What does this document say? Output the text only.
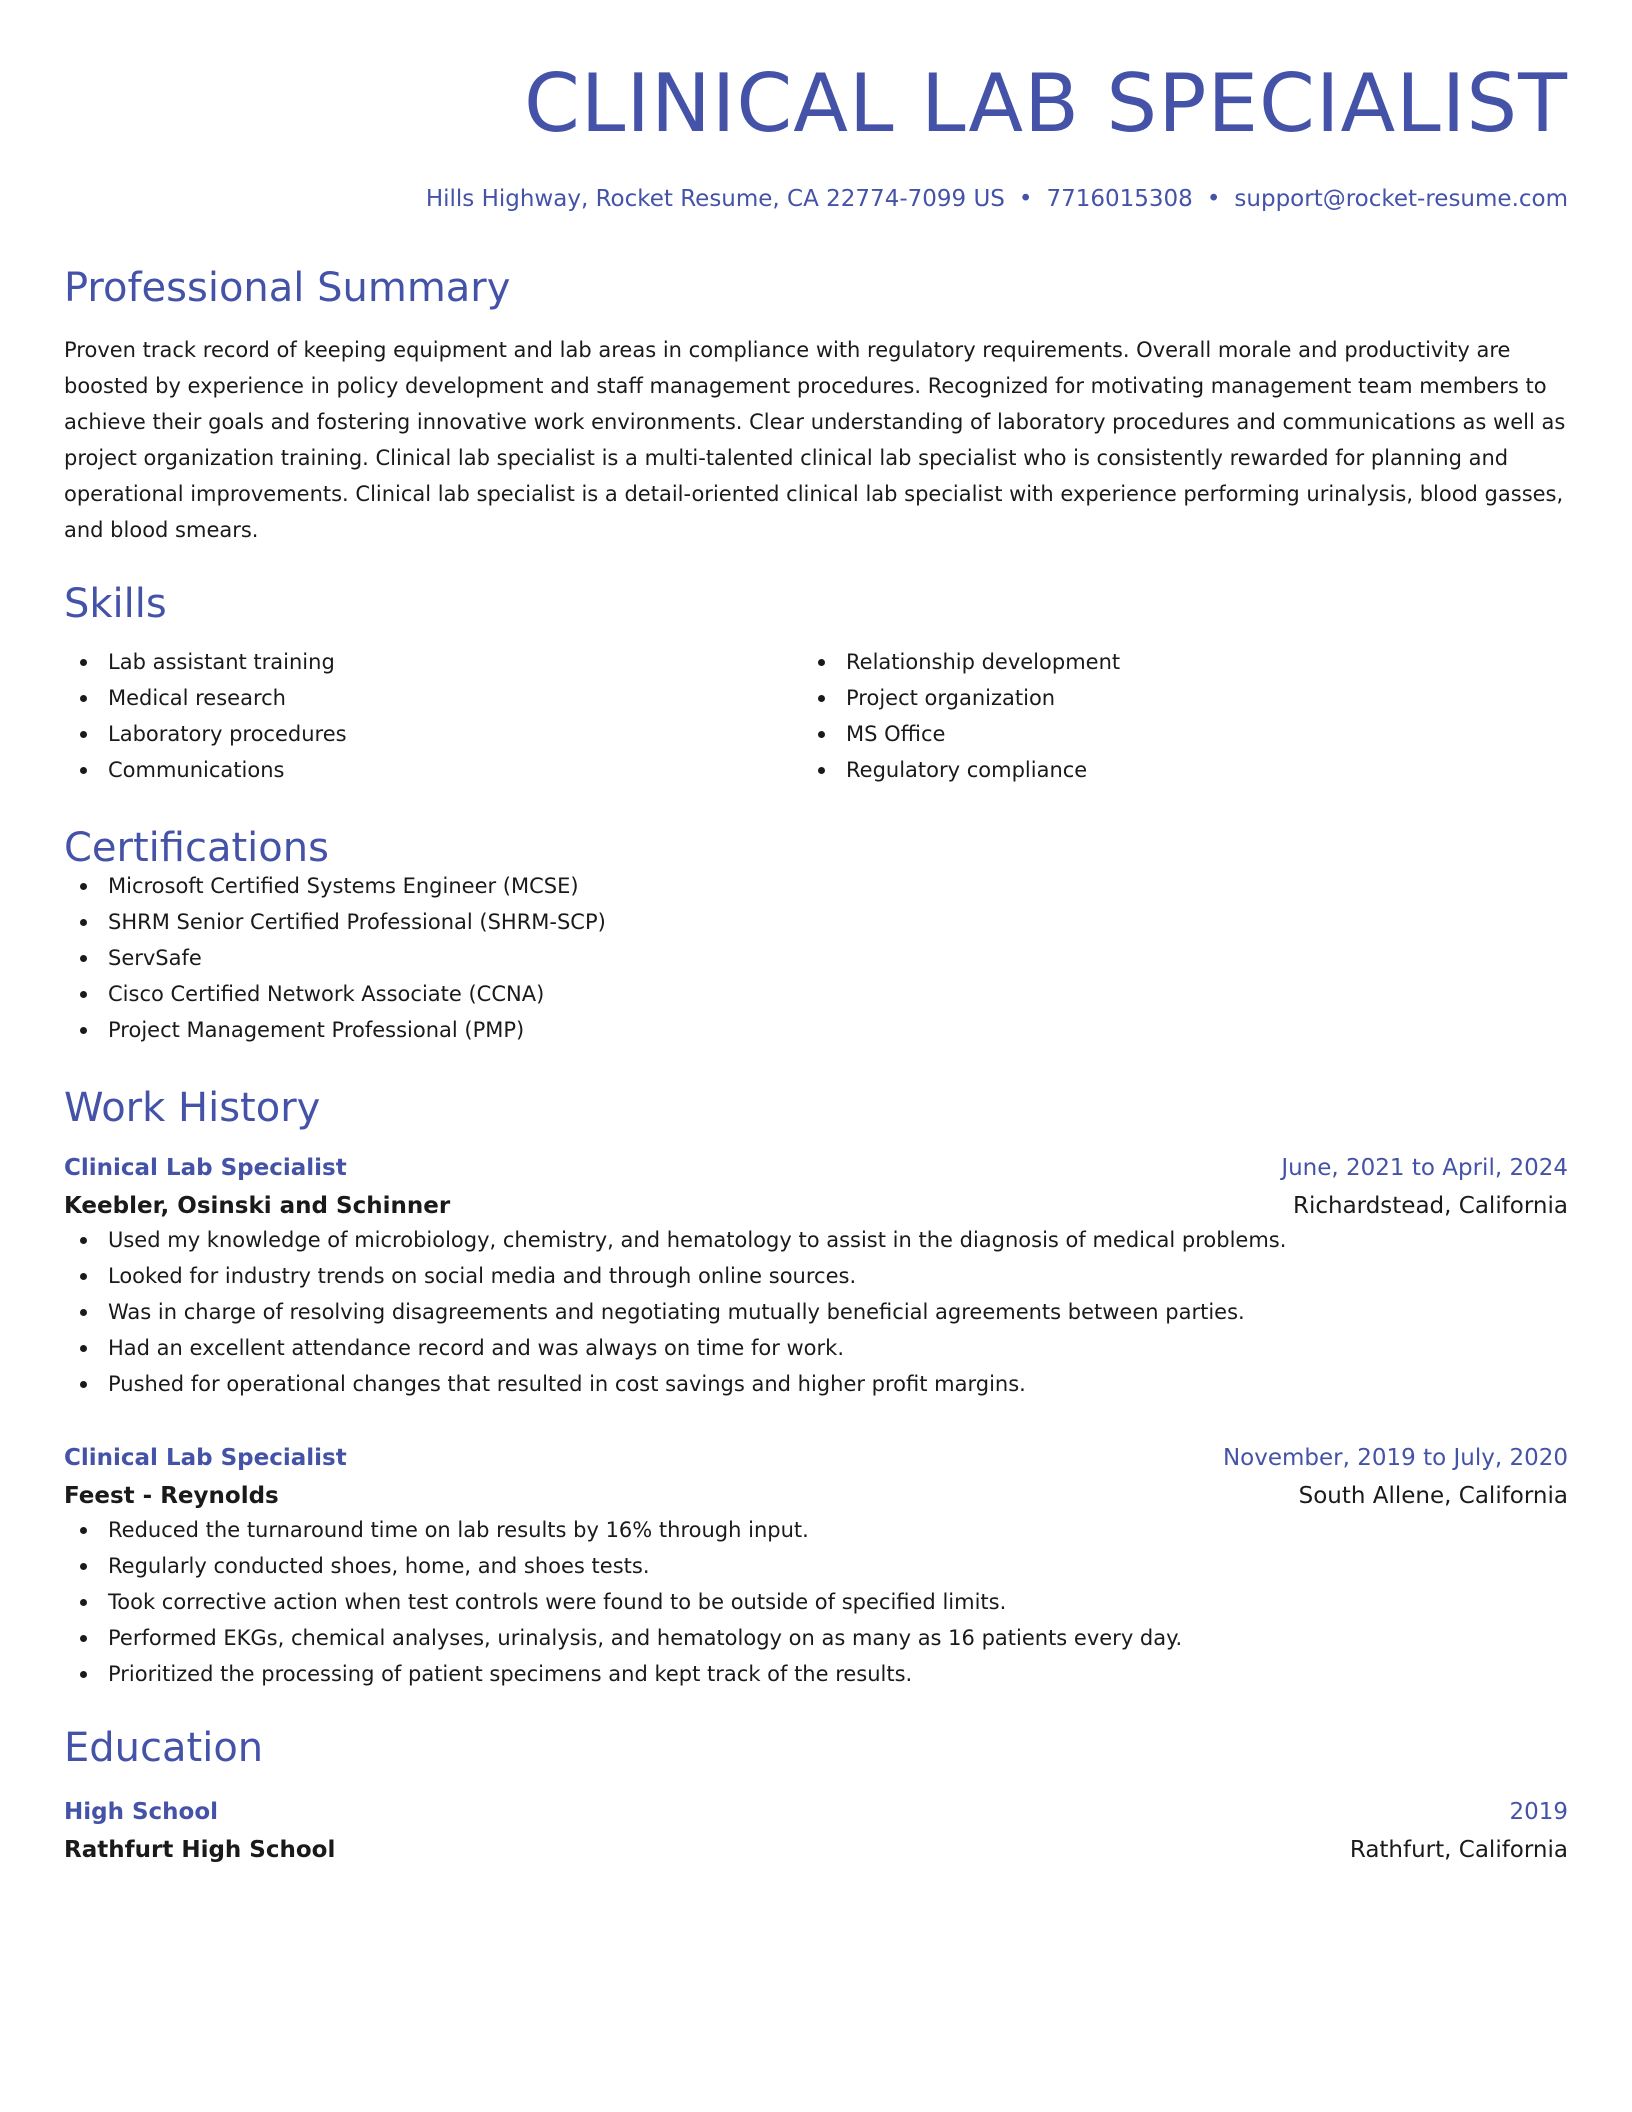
CLINICAL LAB SPECIALIST
Hills Highway, Rocket Resume, CA 22774-7099 US • 7716015308 • support@rocket-resume.com
Professional Summary
Proven track record of keeping equipment and lab areas in compliance with regulatory requirements. Overall morale and productivity are boosted by experience in policy development and staff management procedures. Recognized for motivating management team members to achieve their goals and fostering innovative work environments. Clear understanding of laboratory procedures and communications as well as project organization training. Clinical lab specialist is a multi-talented clinical lab specialist who is consistently rewarded for planning and operational improvements. Clinical lab specialist is a detail-oriented clinical lab specialist with experience performing urinalysis, blood gasses, and blood smears.
Skills
Lab assistant training
Medical research
Laboratory procedures
Communications
Relationship development
Project organization
MS Office
Regulatory compliance
Certifications
Microsoft Certified Systems Engineer (MCSE)
SHRM Senior Certified Professional (SHRM-SCP)
ServSafe
Cisco Certified Network Associate (CCNA)
Project Management Professional (PMP)
Work History
Clinical Lab Specialist	June, 2021 to April, 2024
Keebler, Osinski and Schinner	Richardstead, California
Used my knowledge of microbiology, chemistry, and hematology to assist in the diagnosis of medical problems.
Looked for industry trends on social media and through online sources.
Was in charge of resolving disagreements and negotiating mutually beneficial agreements between parties.
Had an excellent attendance record and was always on time for work.
Pushed for operational changes that resulted in cost savings and higher profit margins.
Clinical Lab Specialist	November, 2019 to July, 2020
Feest - Reynolds	South Allene, California
Reduced the turnaround time on lab results by 16% through input.
Regularly conducted shoes, home, and shoes tests.
Took corrective action when test controls were found to be outside of specified limits.
Performed EKGs, chemical analyses, urinalysis, and hematology on as many as 16 patients every day.
Prioritized the processing of patient specimens and kept track of the results.
Education
High School	2019
Rathfurt High School	Rathfurt, California
